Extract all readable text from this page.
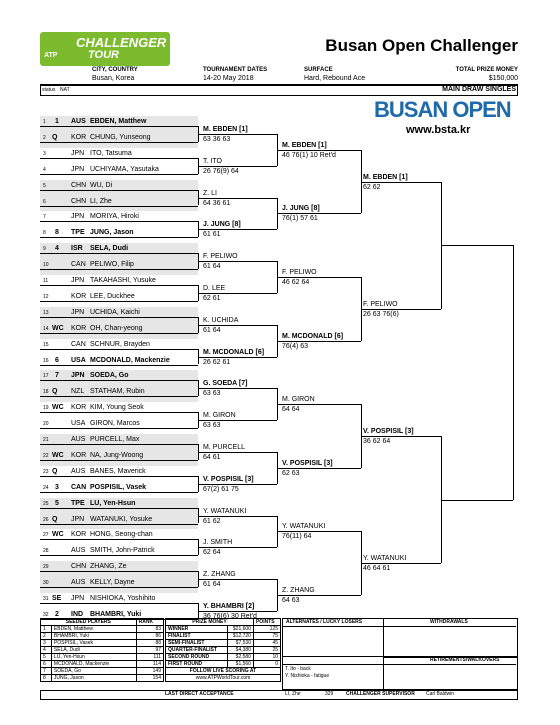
CHALLENGER
TOUR
ATP
Busan Open Challenger
CITY, COUNTRY
Busan, Korea
TOURNAMENT DATES
14-20 May 2018
SURFACE
Hard, Rebound Ace
TOTAL PRIZE MONEY
$150,000
status NAT	MAIN DRAW SINGLES
BUSAN OPEN
www.bsta.kr
1 1 AUS EBDEN, Matthew
2 Q KOR CHUNG, Yunseong
3	JPN ITO, Tatsuma
4	JPN UCHIYAMA, Yasutaka
5	CHN WU, Di
6	CHN LI, Zhe
7	JPN MORIYA, Hiroki
8 8 TPE JUNG, Jason
9 4 ISR SELA, Dudi
10	CAN PELIWO, Filip
11	JPN TAKAHASHI, Yusuke
12	KOR LEE, Duckhee
13	JPN UCHIDA, Kaichi
14 WC KOR OH, Chan-yeong
15	CAN SCHNUR, Brayden
16 6 USA MCDONALD, Mackenzie
17 7 JPN SOEDA, Go
18 Q NZL STATHAM, Rubin
19 WC KOR KIM, Young Seok
20	USA GIRON, Marcos
21	AUS PURCELL, Max
22 WC KOR NA, Jung-Woong
23 Q AUS BANES, Maverick
24 3 CAN POSPISIL, Vasek
25 5 TPE LU, Yen-Hsun
26 Q JPN WATANUKI, Yosuke
27 WC KOR HONG, Seong-chan
28	AUS SMITH, John-Patrick
29	CHN ZHANG, Ze
30	AUS KELLY, Dayne
31 SE JPN NISHIOKA, Yoshihito
32 2 IND BHAMBRI, Yuki
M. EBDEN [1]
63 36 63
T. ITO
26 76(9) 64
Z. LI
64 36 61
J. JUNG [8]
61 61
F. PELIWO
61 64
D. LEE
62 61
K. UCHIDA
61 64
M. MCDONALD [6]
26 62 61
G. SOEDA [7]
63 63
M. GIRON
63 63
M. PURCELL
64 61
V. POSPISIL [3]
67(2) 61 75
Y. WATANUKI
61 62
J. SMITH
62 64
Z. ZHANG
61 64
Y. BHAMBRI [2]
36 76(6) 30 Ret'd
M. EBDEN [1]
46 76(1) 10 Ret'd
J. JUNG [8]
76(1) 57 61
F. PELIWO
46 62 64
M. MCDONALD [6]
76(4) 63
M. GIRON
64 64
V. POSPISIL [3]
62 63
Y. WATANUKI
76(11) 64
Z. ZHANG
64 63
M. EBDEN [1]
62 62
F. PELIWO
26 63 76(6)
V. POSPISIL [3]
36 62 64
Y. WATANUKI
46 64 61
SEEDED PLAYERS		RANK
1	EBDEN, Matthew	83
2	BHAMBRI, Yuki	86
3	POSPISIL, Vasek	88
4	SELA, Dudi	97
5	LU, Yen-Hsun	111
6	MCDONALD, Mackenzie	114
7	SOEDA, Go	149
8	JUNG, Jason	154
PRIZE MONEY		POINTS
WINNER	$21,600	125
FINALIST	$12,720	75
SEMI-FINALIST	$7,530	45
QUARTER-FINALIST	$4,380	25
SECOND ROUND	$2,580	10
FIRST ROUND	$1,560	0
FOLLOW LIVE SCORING AT		
www.ATPWorldTour.com		
ALTERNATES / LUCKY LOSERS	WITHDRAWALS
RETIREMENTS/WALKOVERS
T. Ito - back
Y. Nishioka - fatigue
LAST DIRECT ACCEPTANCE	LI, Zhe	329	CHALLENGER SUPERVISOR Carl Baldwin
